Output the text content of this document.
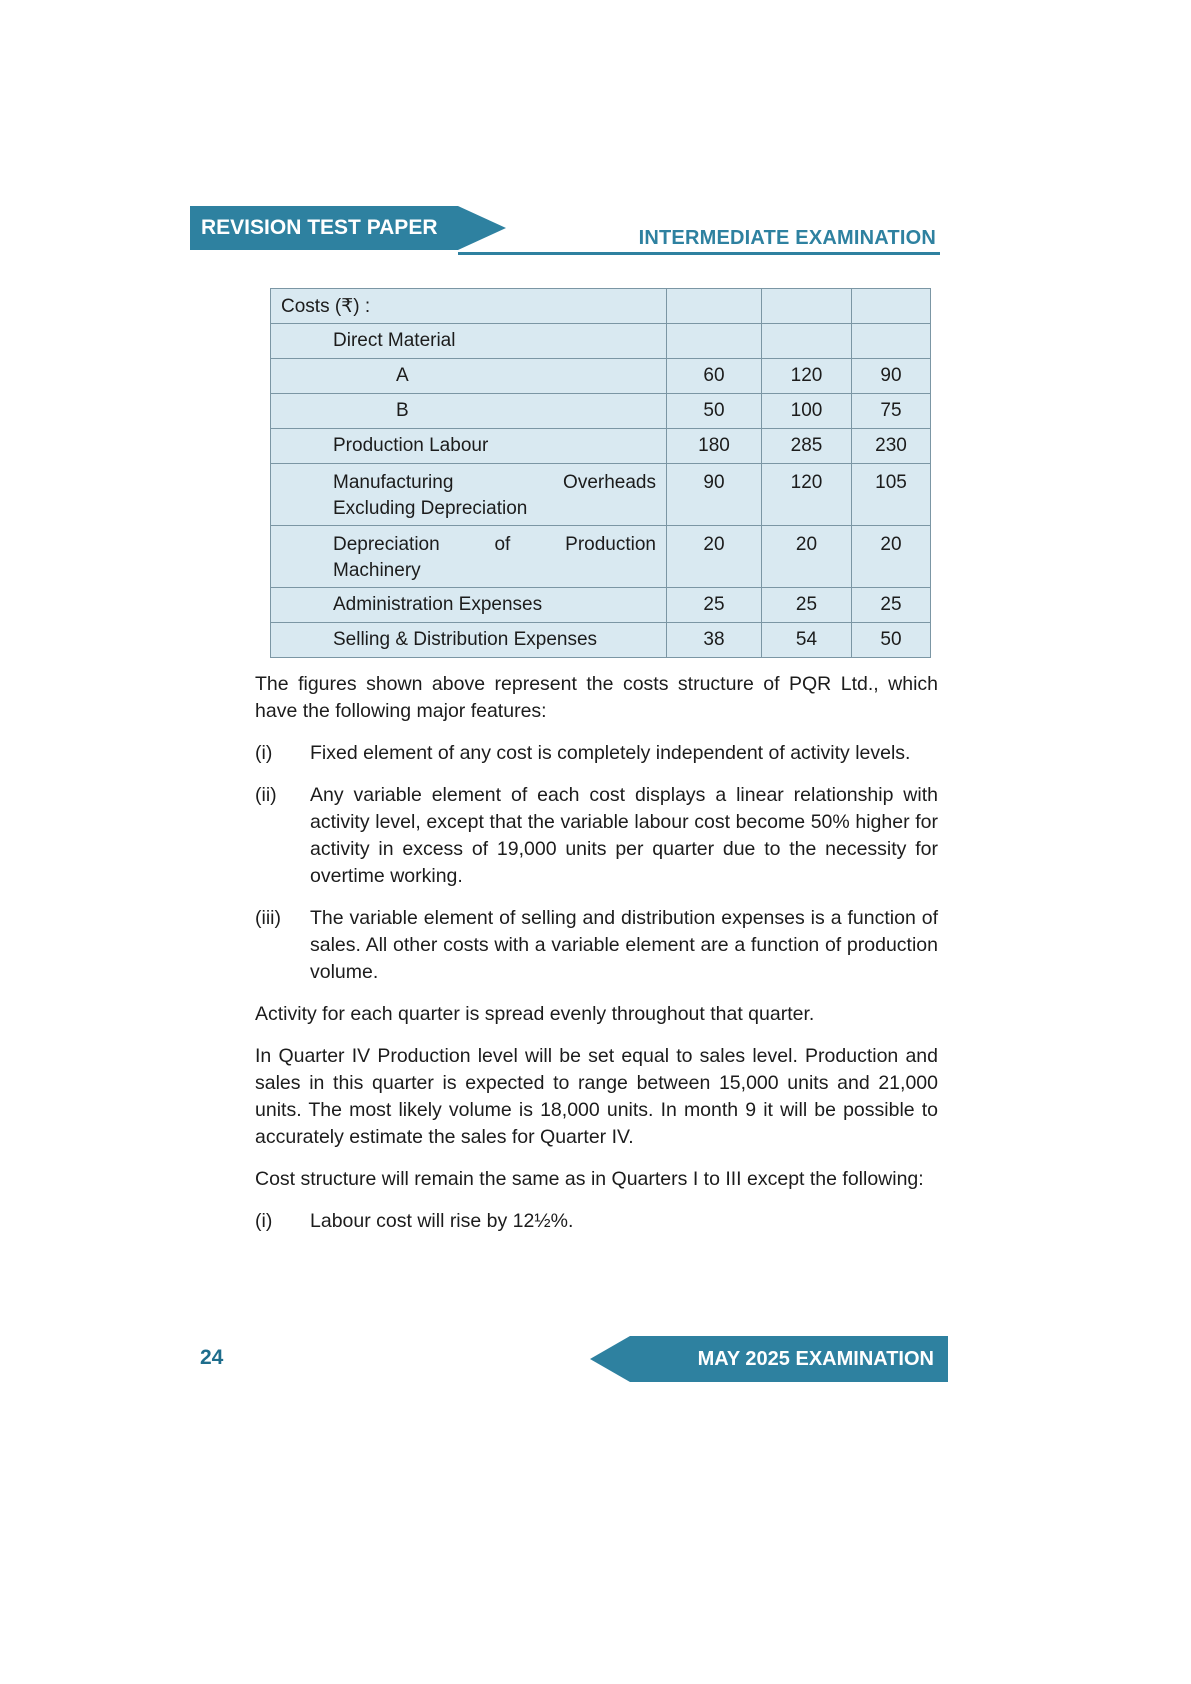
REVISION TEST PAPER	INTERMEDIATE EXAMINATION
Costs (₹) :			
Direct Material			
A	60	120	90
B	50	100	75
Production Labour	180	285	230

Manufacturing Overheads
Excluding Depreciation	90	120	105

Depreciation of Production
Machinery	20	20	20
Administration Expenses	25	25	25
Selling & Distribution Expenses	38	54	50

The figures shown above represent the costs structure of PQR Ltd., which have the following major features:

(i)	Fixed element of any cost is completely independent of activity levels.
(ii)	Any variable element of each cost displays a linear relationship with activity level, except that the variable labour cost become 50% higher for activity in excess of 19,000 units per quarter due to the necessity for overtime working.
(iii)	The variable element of selling and distribution expenses is a function of sales. All other costs with a variable element are a function of production volume.

Activity for each quarter is spread evenly throughout that quarter.

In Quarter IV Production level will be set equal to sales level. Production and sales in this quarter is expected to range between 15,000 units and 21,000 units. The most likely volume is 18,000 units. In month 9 it will be possible to accurately estimate the sales for Quarter IV.

Cost structure will remain the same as in Quarters I to III except the following:

(i)	Labour cost will rise by 12½%.
24	MAY 2025 EXAMINATION
